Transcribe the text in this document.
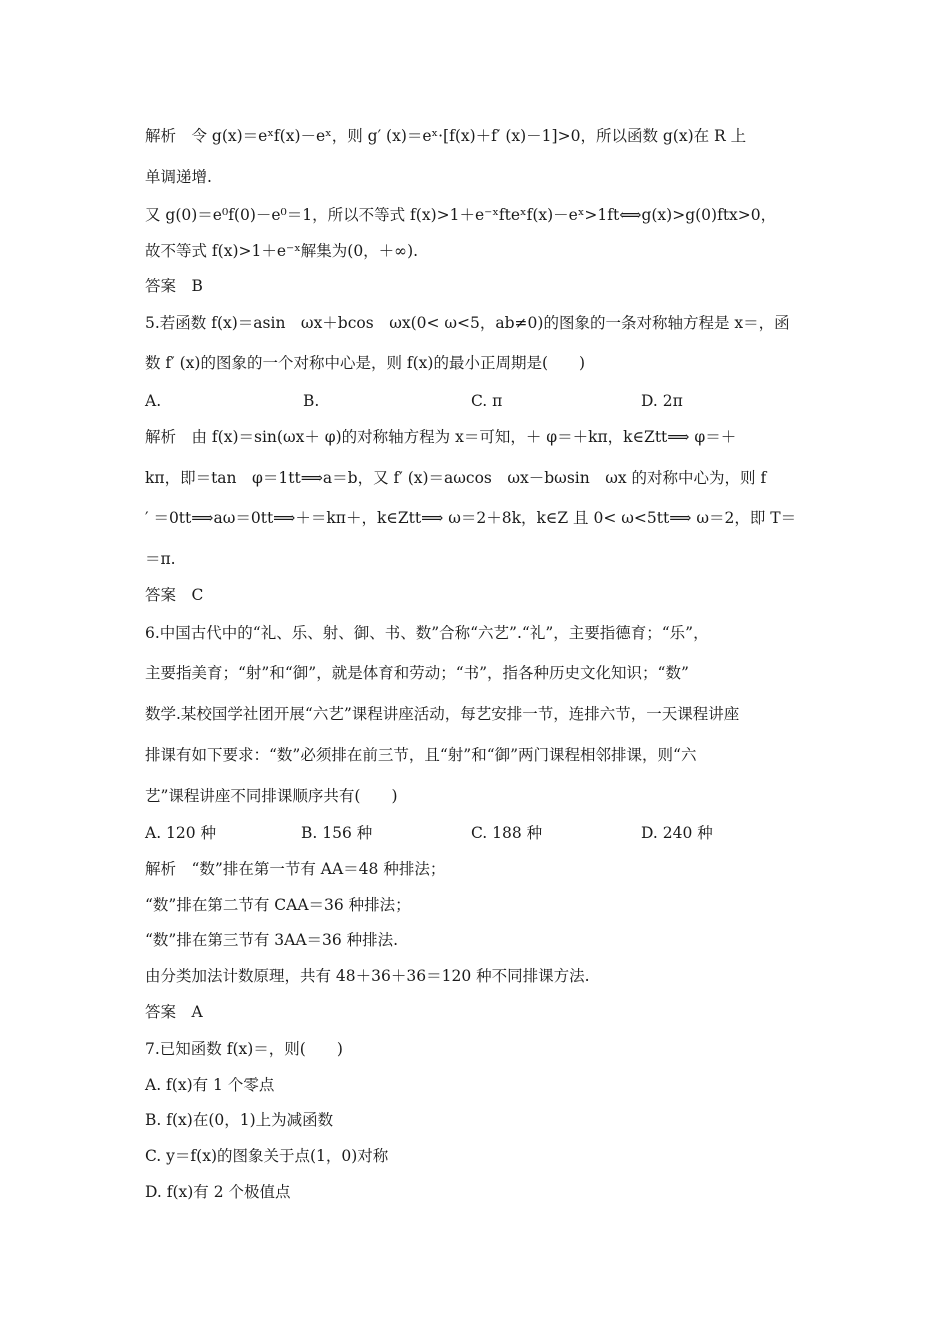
解析　令 g(x)＝eˣf(x)－eˣ，则 g′ (x)＝eˣ·[f(x)＋f′ (x)－1]>0，所以函数 g(x)在 R 上
单调递增.
又 g(0)＝e⁰f(0)－e⁰＝1，所以不等式 f(x)>1＋e⁻ˣfteˣf(x)－eˣ>1ft⟺g(x)>g(0)ftx>0，
故不等式 f(x)>1＋e⁻ˣ解集为(0，＋∞).
答案　B
5.若函数 f(x)＝asin　ωx＋bcos　ωx(0< ω<5，ab≠0)的图象的一条对称轴方程是 x＝，函
数 f′ (x)的图象的一个对称中心是，则 f(x)的最小正周期是(　　)
A.	B.	C. π	D. 2π
解析　由 f(x)＝sin(ωx＋ φ)的对称轴方程为 x＝可知，＋ φ＝＋kπ，k∈Ztt⟹ φ＝＋
kπ，即＝tan　φ＝1tt⟹a＝b，又 f′ (x)＝aωcos　ωx－bωsin　ωx 的对称中心为，则 f
′ ＝0tt⟹aω＝0tt⟹＋＝kπ＋，k∈Ztt⟹ ω＝2＋8k，k∈Z 且 0< ω<5tt⟹ ω＝2，即 T＝
＝π.
答案　C
6.中国古代中的“礼、乐、射、御、书、数”合称“六艺”.“礼”，主要指德育；“乐”，
主要指美育；“射”和“御”，就是体育和劳动；“书”，指各种历史文化知识；“数”
数学.某校国学社团开展“六艺”课程讲座活动，每艺安排一节，连排六节，一天课程讲座
排课有如下要求：“数”必须排在前三节，且“射”和“御”两门课程相邻排课，则“六
艺”课程讲座不同排课顺序共有(　　)
A. 120 种	B. 156 种	C. 188 种	D. 240 种
解析　“数”排在第一节有 AA＝48 种排法；
“数”排在第二节有 CAA＝36 种排法；
“数”排在第三节有 3AA＝36 种排法.
由分类加法计数原理，共有 48＋36＋36＝120 种不同排课方法.
答案　A
7.已知函数 f(x)＝，则(　　)
A. f(x)有 1 个零点
B. f(x)在(0，1)上为减函数
C. y＝f(x)的图象关于点(1，0)对称
D. f(x)有 2 个极值点
